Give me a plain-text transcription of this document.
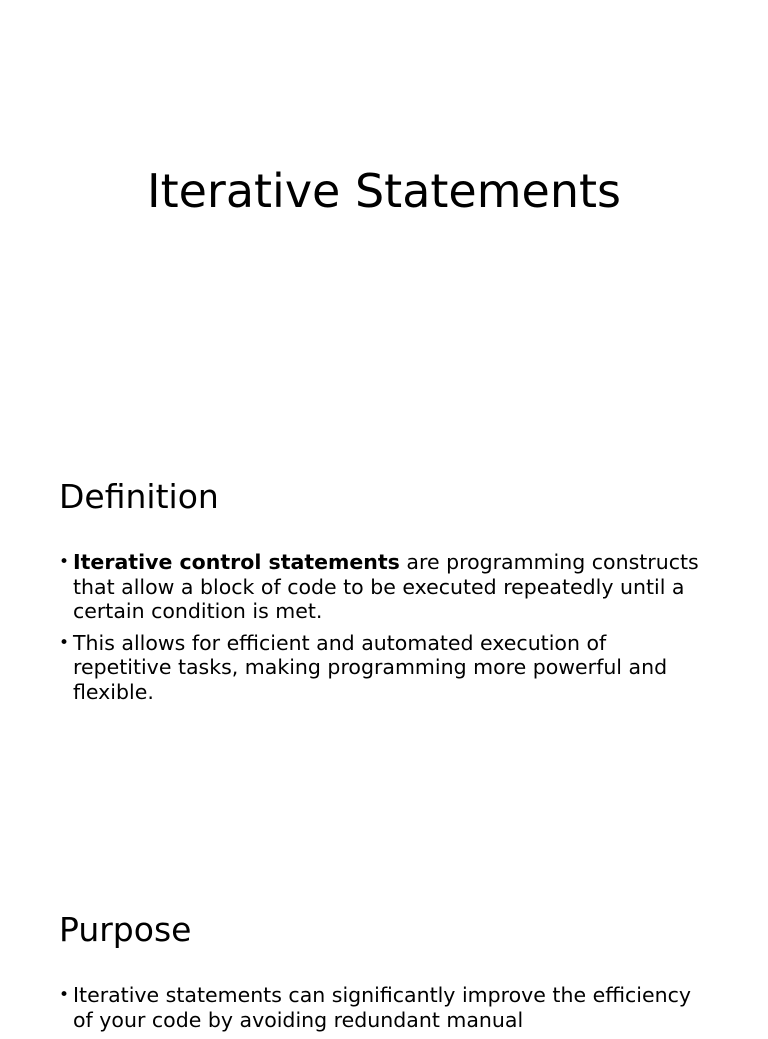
Iterative Statements
Definition
• Iterative control statements are programming constructs that allow a block of code to be executed repeatedly until a certain condition is met.
• This allows for efficient and automated execution of repetitive tasks, making programming more powerful and flexible.
Purpose
• Iterative statements can significantly improve the efficiency of your code by avoiding redundant manual
